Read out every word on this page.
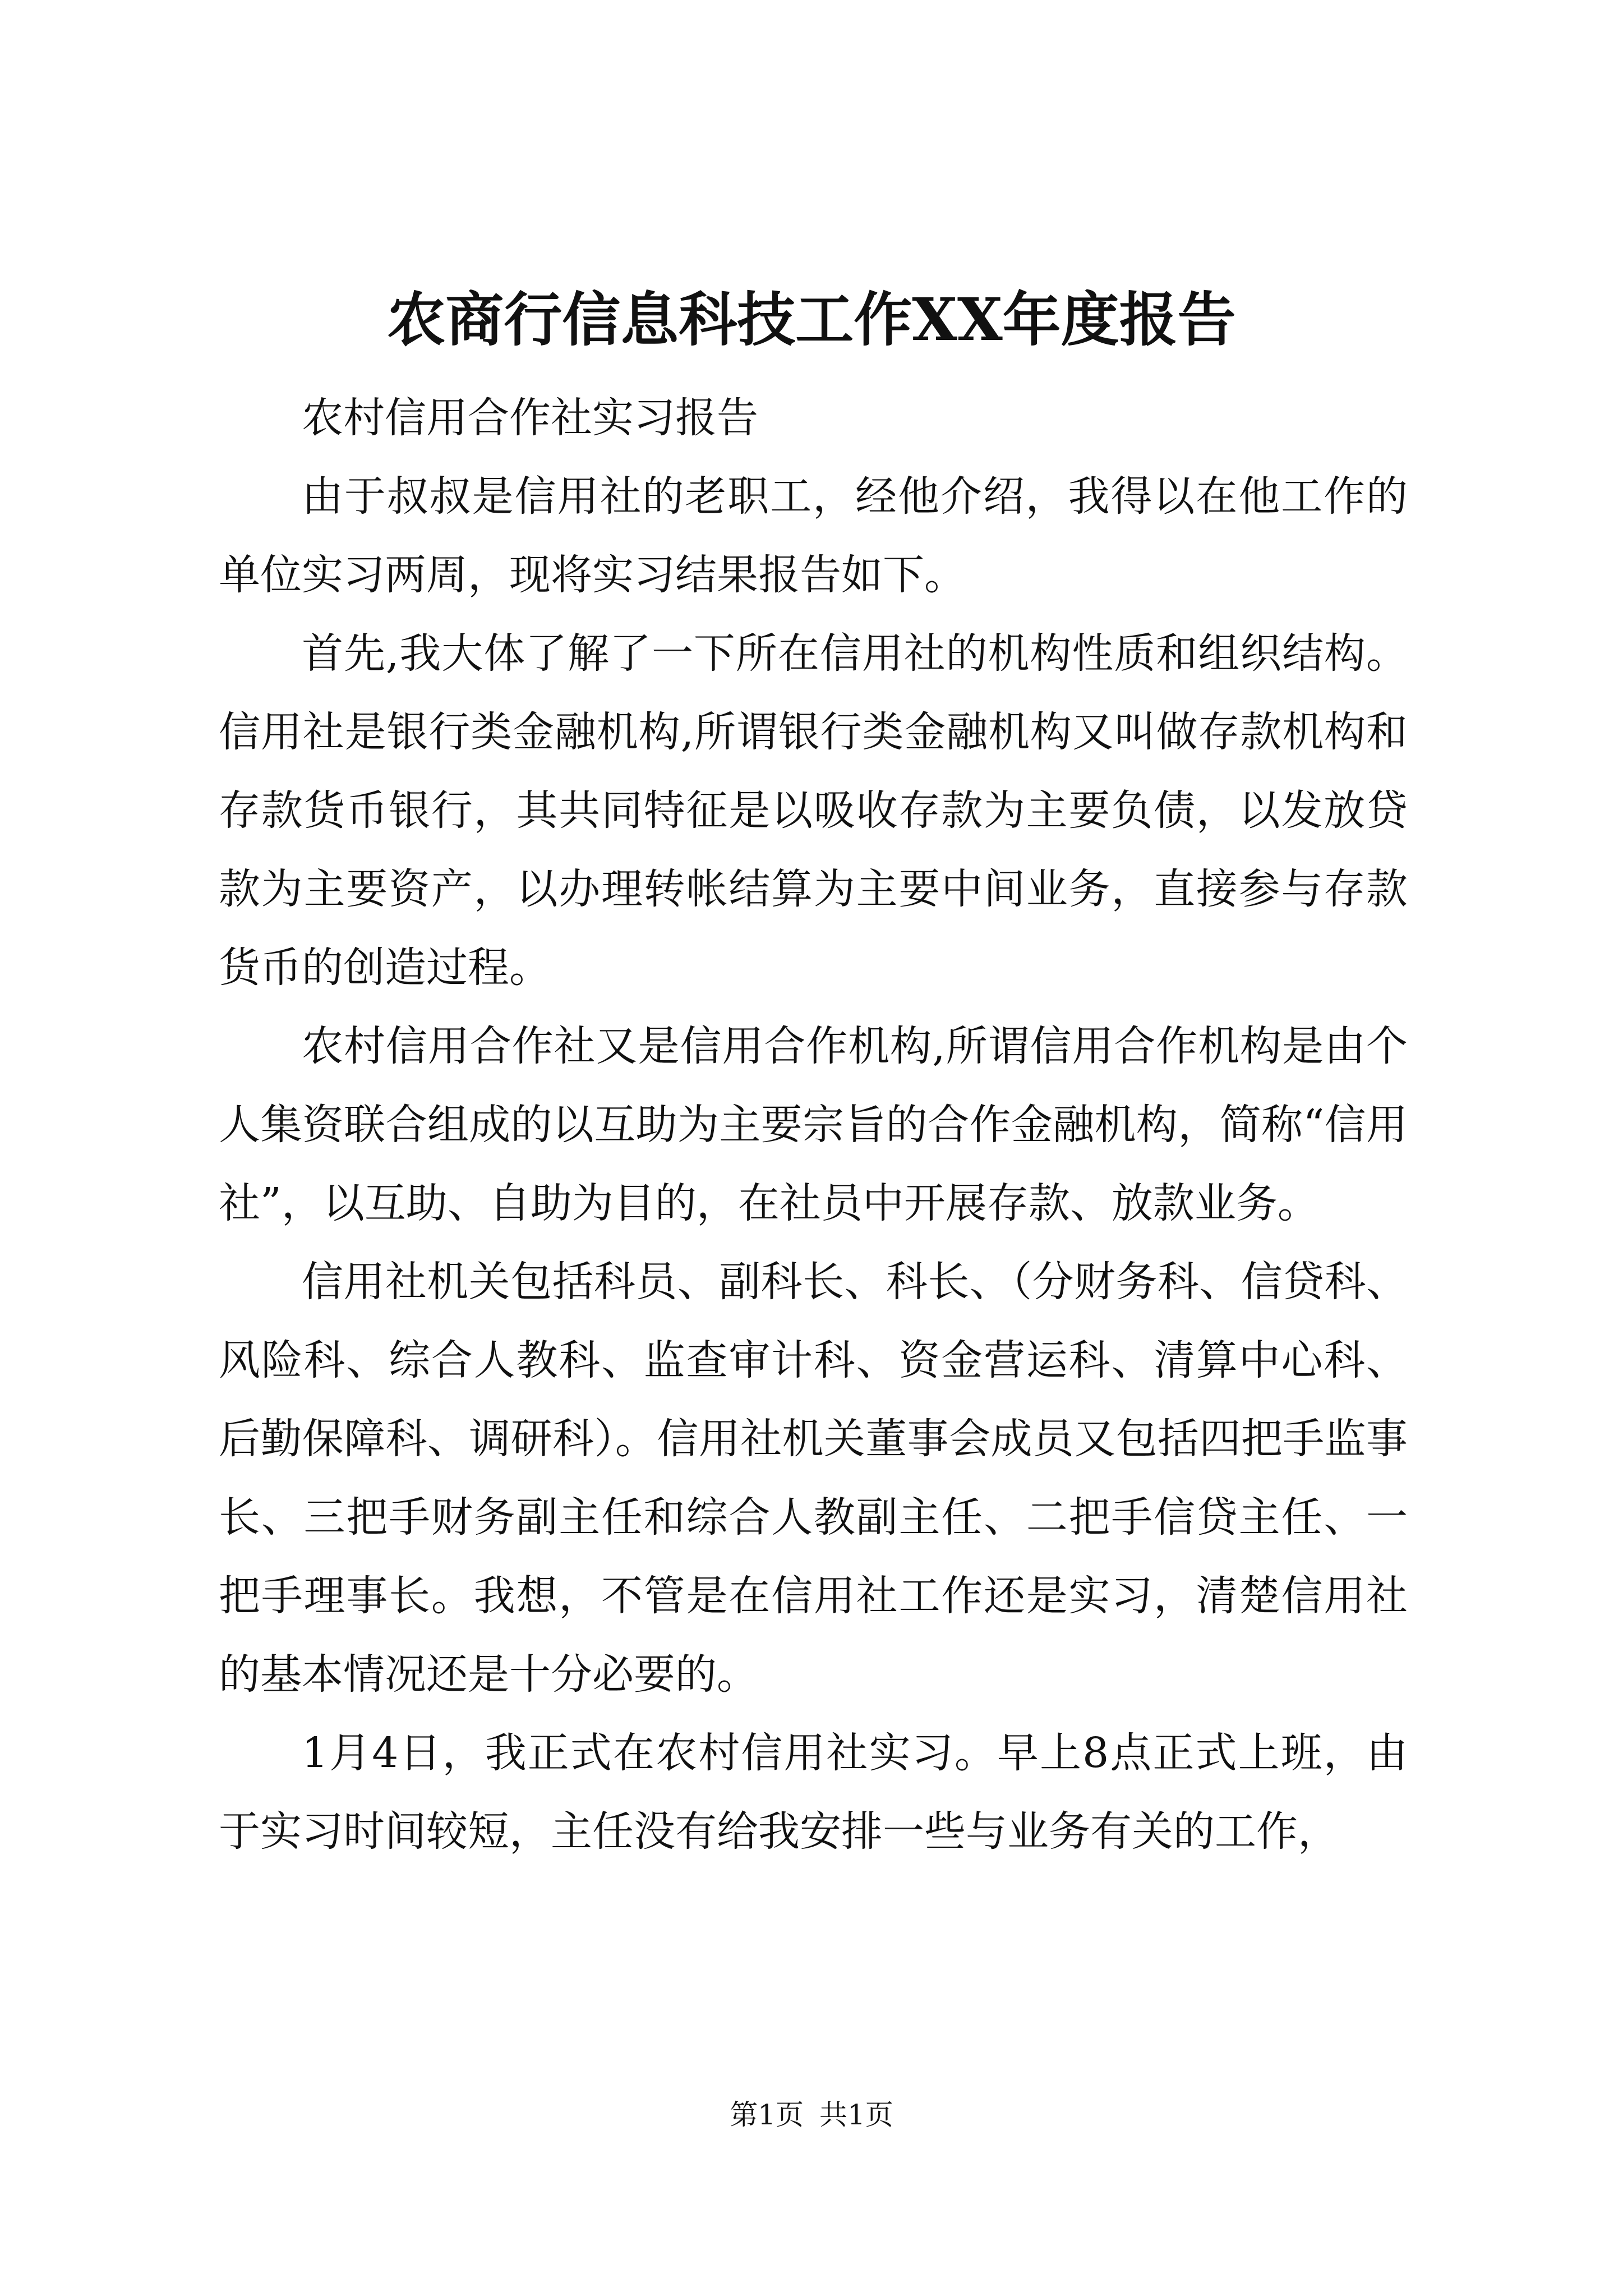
农商行信息科技工作XX年度报告

农村信用合作社实习报告

由于叔叔是信用社的老职工，经他介绍，我得以在他工作的单位实习两周，现将实习结果报告如下。

首先,我大体了解了一下所在信用社的机构性质和组织结构。信用社是银行类金融机构,所谓银行类金融机构又叫做存款机构和存款货币银行，其共同特征是以吸收存款为主要负债，以发放贷款为主要资产，以办理转帐结算为主要中间业务，直接参与存款货币的创造过程。

农村信用合作社又是信用合作机构,所谓信用合作机构是由个人集资联合组成的以互助为主要宗旨的合作金融机构，简称“信用社”，以互助、自助为目的，在社员中开展存款、放款业务。

信用社机关包括科员、副科长、科长、（分财务科、信贷科、风险科、综合人教科、监查审计科、资金营运科、清算中心科、后勤保障科、调研科）。信用社机关董事会成员又包括四把手监事长、三把手财务副主任和综合人教副主任、二把手信贷主任、一把手理事长。我想，不管是在信用社工作还是实习，清楚信用社的基本情况还是十分必要的。

1月4日，我正式在农村信用社实习。早上8点正式上班，由于实习时间较短，主任没有给我安排一些与业务有关的工作，

第1页 共1页
